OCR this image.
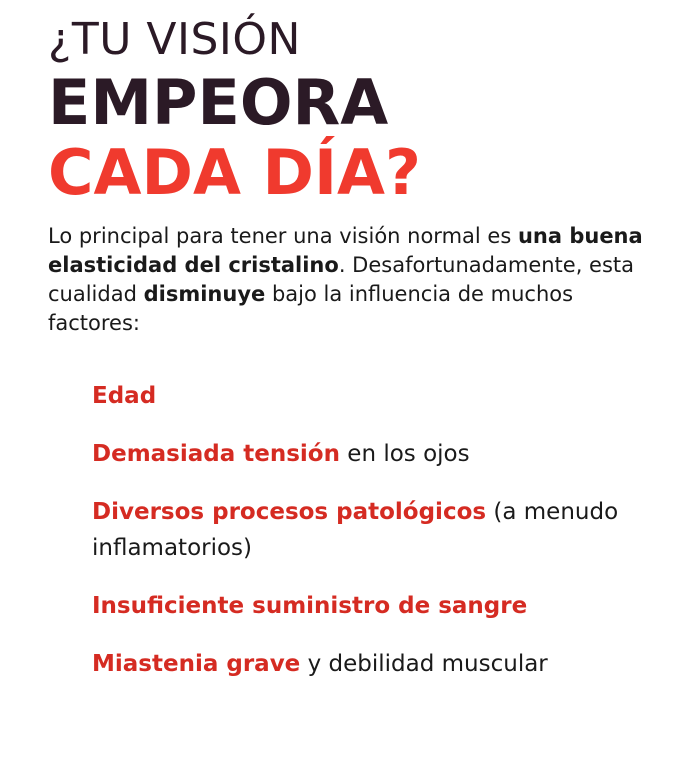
¿TU VISIÓN
EMPEORA
CADA DÍA?

Lo principal para tener una visión normal es una buena elasticidad del cristalino. Desafortunadamente, esta cualidad disminuye bajo la influencia de muchos factores:

Edad
Demasiada tensión en los ojos
Diversos procesos patológicos (a menudo inflamatorios)
Insuficiente suministro de sangre
Miastenia grave y debilidad muscular
